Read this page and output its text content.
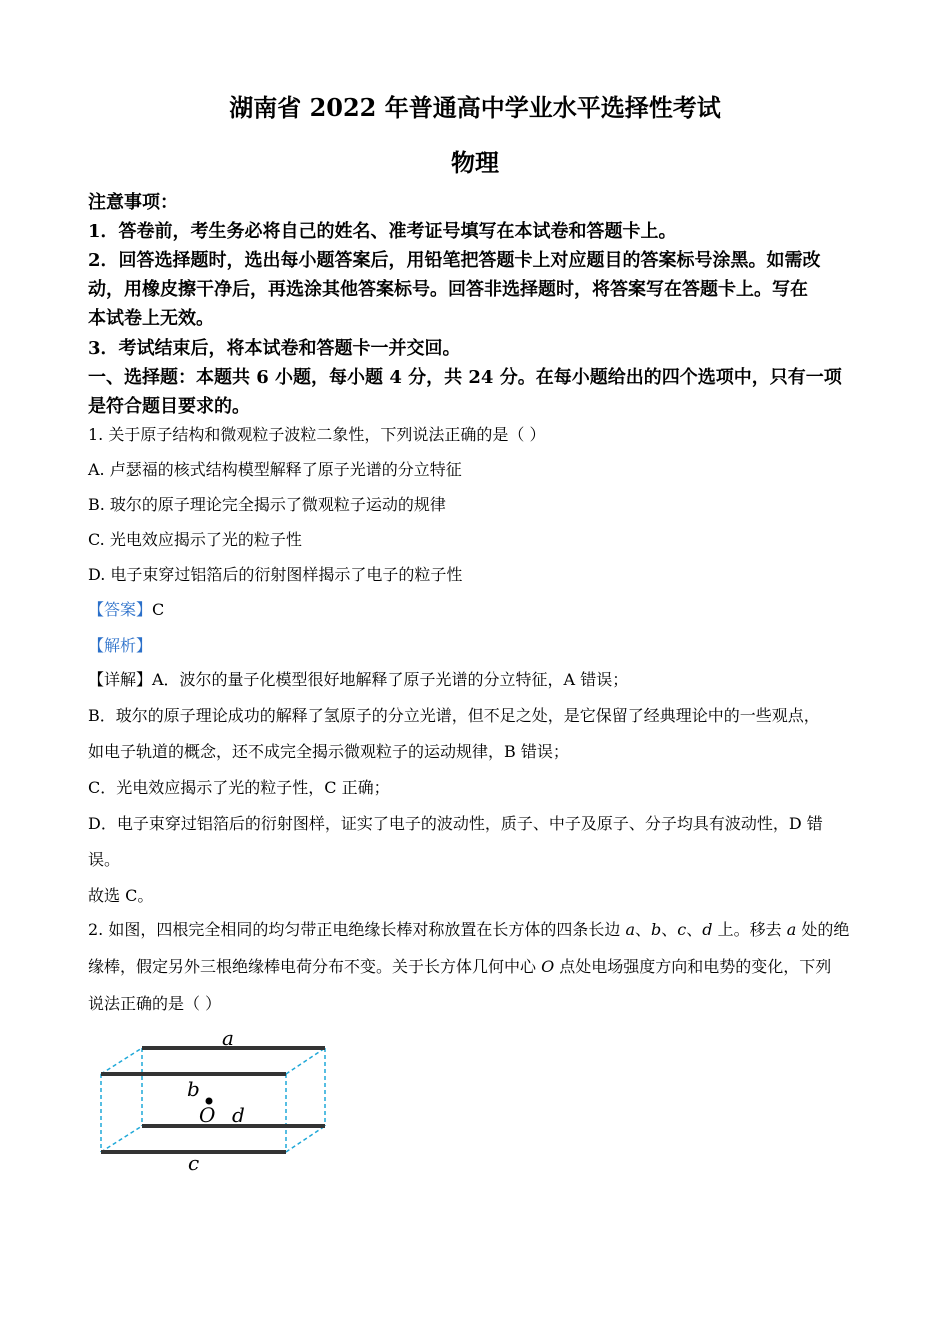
湖南省 2022 年普通高中学业水平选择性考试
物理
注意事项：
1．答卷前，考生务必将自己的姓名、准考证号填写在本试卷和答题卡上。
2．回答选择题时，选出每小题答案后，用铅笔把答题卡上对应题目的答案标号涂黑。如需改
动，用橡皮擦干净后，再选涂其他答案标号。回答非选择题时，将答案写在答题卡上。写在
本试卷上无效。
3．考试结束后，将本试卷和答题卡一并交回。
一、选择题：本题共 6 小题，每小题 4 分，共 24 分。在每小题给出的四个选项中，只有一项
是符合题目要求的。
1. 关于原子结构和微观粒子波粒二象性，下列说法正确的是（ ）
A. 卢瑟福的核式结构模型解释了原子光谱的分立特征
B. 玻尔的原子理论完全揭示了微观粒子运动的规律
C. 光电效应揭示了光的粒子性
D. 电子束穿过铝箔后的衍射图样揭示了电子的粒子性
【答案】C
【解析】
【详解】A．波尔的量子化模型很好地解释了原子光谱的分立特征，A 错误；
B．玻尔的原子理论成功的解释了氢原子的分立光谱，但不足之处，是它保留了经典理论中的一些观点，
如电子轨道的概念，还不成完全揭示微观粒子的运动规律，B 错误；
C．光电效应揭示了光的粒子性，C 正确；
D．电子束穿过铝箔后的衍射图样，证实了电子的波动性，质子、中子及原子、分子均具有波动性，D 错
误。
故选 C。
2. 如图，四根完全相同的均匀带正电绝缘长棒对称放置在长方体的四条长边 a、b、c、d 上。移去 a 处的绝
缘棒，假定另外三根绝缘棒电荷分布不变。关于长方体几何中心 O 点处电场强度方向和电势的变化，下列
说法正确的是（ ）
a
b
O d
c
